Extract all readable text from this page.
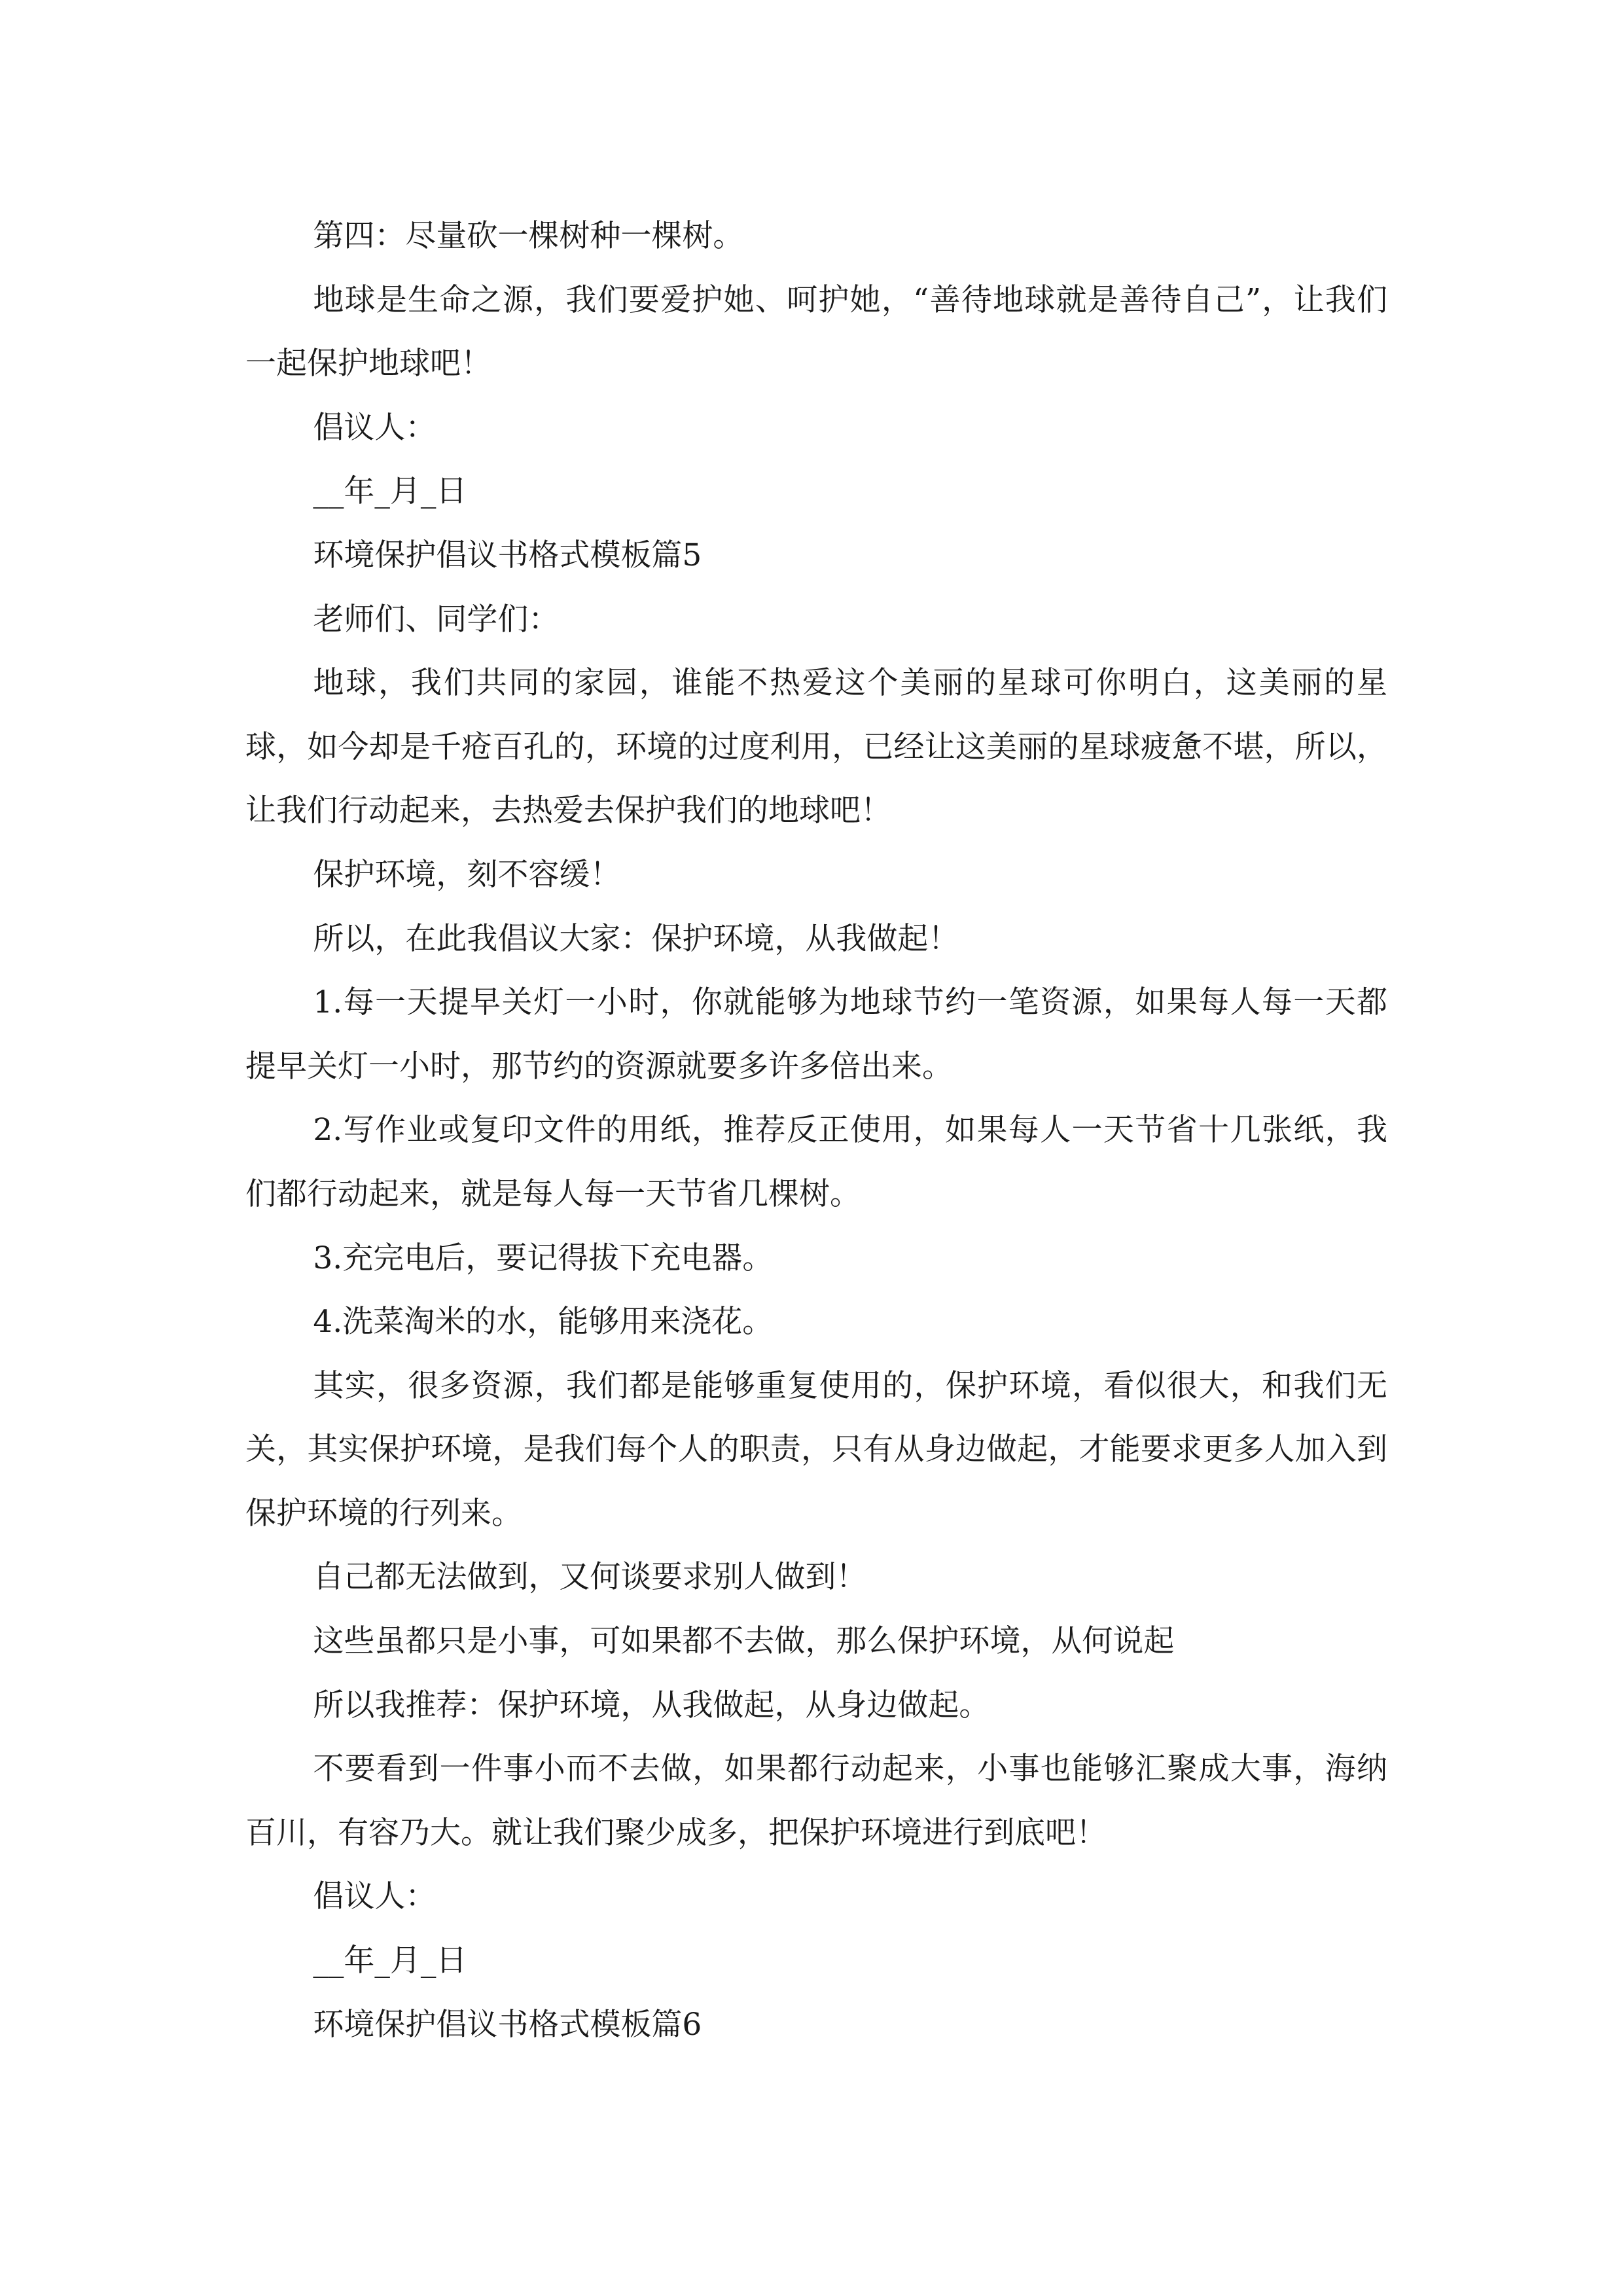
第四：尽量砍一棵树种一棵树。

地球是生命之源，我们要爱护她、呵护她，“善待地球就是善待自己”，让我们一起保护地球吧！

倡议人：

__年_月_日

环境保护倡议书格式模板篇5

老师们、同学们：

地球，我们共同的家园，谁能不热爱这个美丽的星球可你明白，这美丽的星球，如今却是千疮百孔的，环境的过度利用，已经让这美丽的星球疲惫不堪，所以，让我们行动起来，去热爱去保护我们的地球吧！

保护环境，刻不容缓！

所以，在此我倡议大家：保护环境，从我做起！

1.每一天提早关灯一小时，你就能够为地球节约一笔资源，如果每人每一天都提早关灯一小时，那节约的资源就要多许多倍出来。

2.写作业或复印文件的用纸，推荐反正使用，如果每人一天节省十几张纸，我们都行动起来，就是每人每一天节省几棵树。

3.充完电后，要记得拔下充电器。

4.洗菜淘米的水，能够用来浇花。

其实，很多资源，我们都是能够重复使用的，保护环境，看似很大，和我们无关，其实保护环境，是我们每个人的职责，只有从身边做起，才能要求更多人加入到保护环境的行列来。

自己都无法做到，又何谈要求别人做到！

这些虽都只是小事，可如果都不去做，那么保护环境，从何说起

所以我推荐：保护环境，从我做起，从身边做起。

不要看到一件事小而不去做，如果都行动起来，小事也能够汇聚成大事，海纳百川，有容乃大。就让我们聚少成多，把保护环境进行到底吧！

倡议人：

__年_月_日

环境保护倡议书格式模板篇6
